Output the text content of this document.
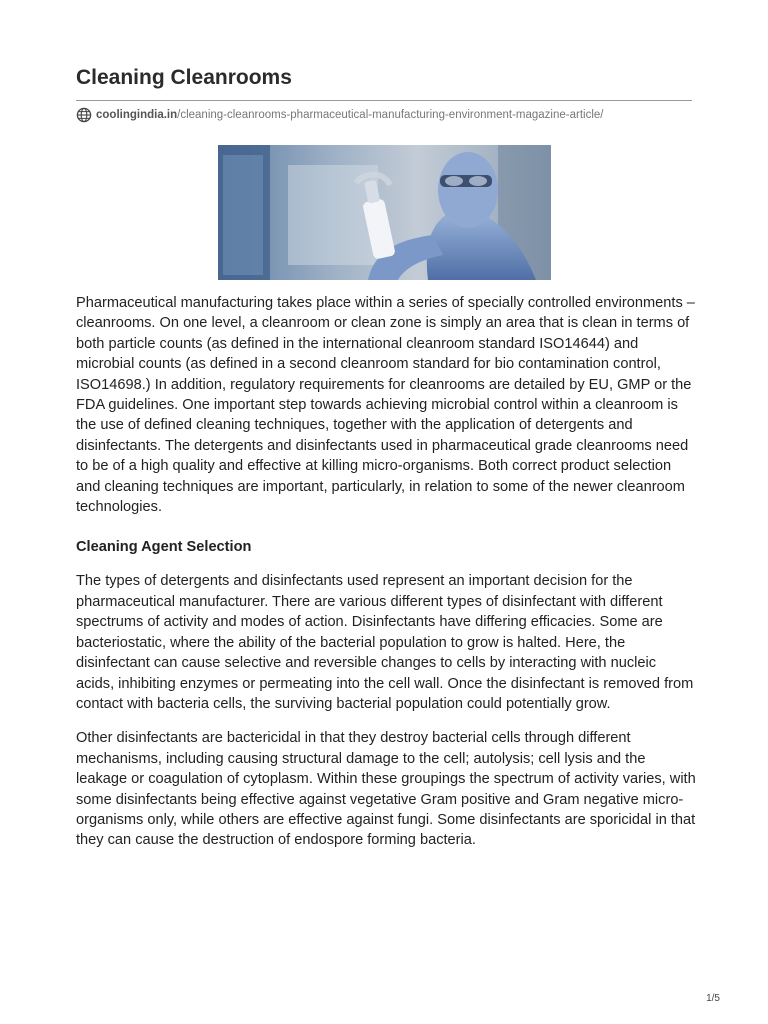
Cleaning Cleanrooms
coolingindia.in /cleaning-cleanrooms-pharmaceutical-manufacturing-environment-magazine-article/

Pharmaceutical manufacturing takes place within a series of specially controlled environments – cleanrooms. On one level, a cleanroom or clean zone is simply an area that is clean in terms of both particle counts (as defined in the international cleanroom standard ISO14644) and microbial counts (as defined in a second cleanroom standard for bio contamination control, ISO14698.) In addition, regulatory requirements for cleanrooms are detailed by EU, GMP or the FDA guidelines. One important step towards achieving microbial control within a cleanroom is the use of defined cleaning techniques, together with the application of detergents and disinfectants. The detergents and disinfectants used in pharmaceutical grade cleanrooms need to be of a high quality and effective at killing micro-organisms. Both correct product selection and cleaning techniques are important, particularly, in relation to some of the newer cleanroom technologies.

Cleaning Agent Selection

The types of detergents and disinfectants used represent an important decision for the pharmaceutical manufacturer. There are various different types of disinfectant with different spectrums of activity and modes of action. Disinfectants have differing efficacies. Some are bacteriostatic, where the ability of the bacterial population to grow is halted. Here, the disinfectant can cause selective and reversible changes to cells by interacting with nucleic acids, inhibiting enzymes or permeating into the cell wall. Once the disinfectant is removed from contact with bacteria cells, the surviving bacterial population could potentially grow.

Other disinfectants are bactericidal in that they destroy bacterial cells through different mechanisms, including causing structural damage to the cell; autolysis; cell lysis and the leakage or coagulation of cytoplasm. Within these groupings the spectrum of activity varies, with some disinfectants being effective against vegetative Gram positive and Gram negative micro-organisms only, while others are effective against fungi. Some disinfectants are sporicidal in that they can cause the destruction of endospore forming bacteria.

1/5
